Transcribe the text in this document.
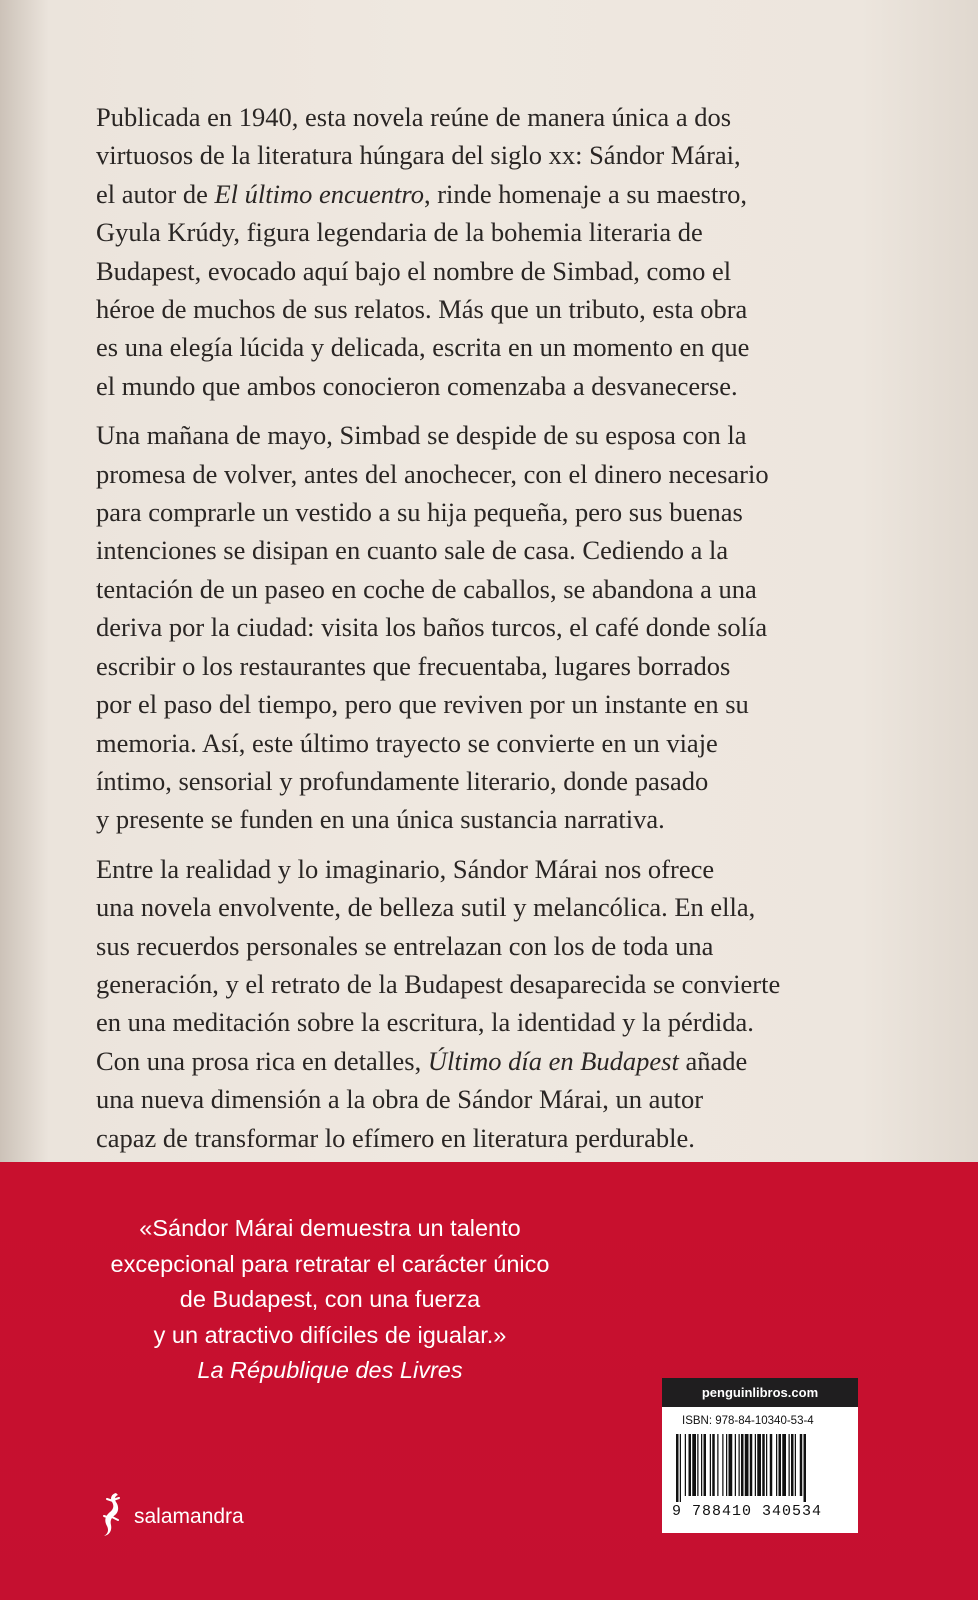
Publicada en 1940, esta novela reúne de manera única a dos
virtuosos de la literatura húngara del siglo xx: Sándor Márai,
el autor de El último encuentro, rinde homenaje a su maestro,
Gyula Krúdy, figura legendaria de la bohemia literaria de
Budapest, evocado aquí bajo el nombre de Simbad, como el
héroe de muchos de sus relatos. Más que un tributo, esta obra
es una elegía lúcida y delicada, escrita en un momento en que
el mundo que ambos conocieron comenzaba a desvanecerse.

Una mañana de mayo, Simbad se despide de su esposa con la
promesa de volver, antes del anochecer, con el dinero necesario
para comprarle un vestido a su hija pequeña, pero sus buenas
intenciones se disipan en cuanto sale de casa. Cediendo a la
tentación de un paseo en coche de caballos, se abandona a una
deriva por la ciudad: visita los baños turcos, el café donde solía
escribir o los restaurantes que frecuentaba, lugares borrados
por el paso del tiempo, pero que reviven por un instante en su
memoria. Así, este último trayecto se convierte en un viaje
íntimo, sensorial y profundamente literario, donde pasado
y presente se funden en una única sustancia narrativa.

Entre la realidad y lo imaginario, Sándor Márai nos ofrece
una novela envolvente, de belleza sutil y melancólica. En ella,
sus recuerdos personales se entrelazan con los de toda una
generación, y el retrato de la Budapest desaparecida se convierte
en una meditación sobre la escritura, la identidad y la pérdida.
Con una prosa rica en detalles, Último día en Budapest añade
una nueva dimensión a la obra de Sándor Márai, un autor
capaz de transformar lo efímero en literatura perdurable.

«Sándor Márai demuestra un talento
excepcional para retratar el carácter único
de Budapest, con una fuerza
y un atractivo difíciles de igualar.»
La République des Livres
salamandra
penguinlibros.com
ISBN: 978-84-10340-53-4
9 788410 340534
